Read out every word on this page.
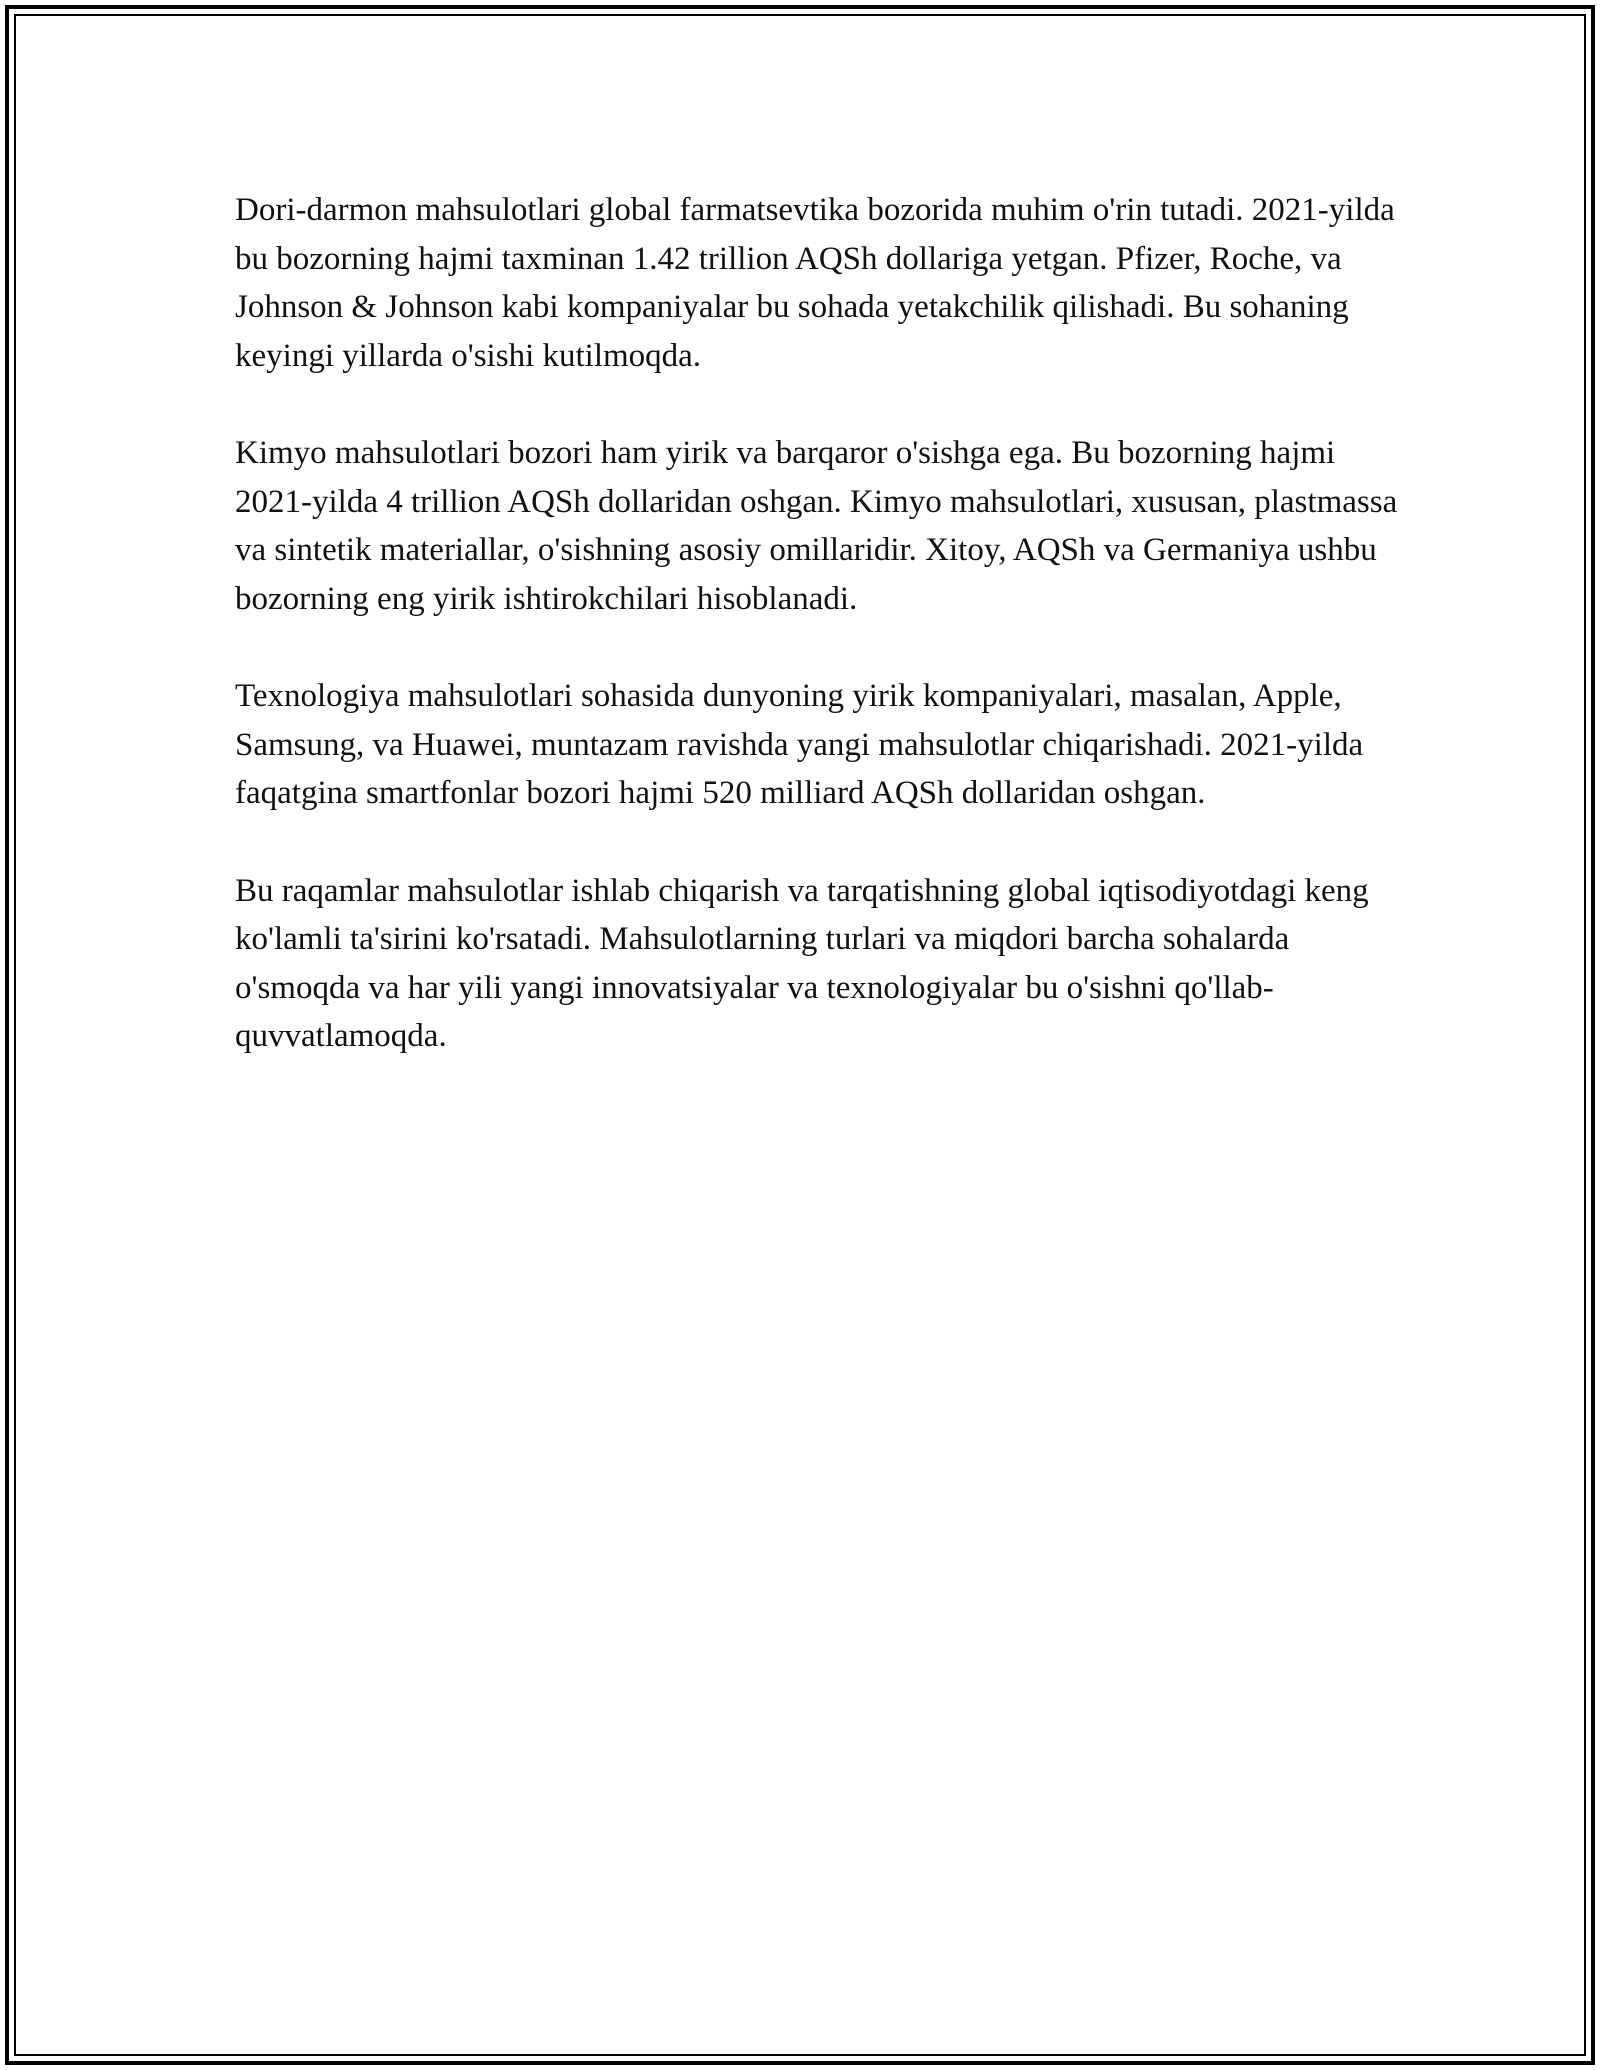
Dori-darmon mahsulotlari global farmatsevtika bozorida muhim o'rin tutadi. 2021-yilda bu bozorning hajmi taxminan 1.42 trillion AQSh dollariga yetgan. Pfizer, Roche, va Johnson & Johnson kabi kompaniyalar bu sohada yetakchilik qilishadi. Bu sohaning keyingi yillarda o'sishi kutilmoqda.

Kimyo mahsulotlari bozori ham yirik va barqaror o'sishga ega. Bu bozorning hajmi 2021-yilda 4 trillion AQSh dollaridan oshgan. Kimyo mahsulotlari, xususan, plastmassa va sintetik materiallar, o'sishning asosiy omillaridir. Xitoy, AQSh va Germaniya ushbu bozorning eng yirik ishtirokchilari hisoblanadi.

Texnologiya mahsulotlari sohasida dunyoning yirik kompaniyalari, masalan, Apple, Samsung, va Huawei, muntazam ravishda yangi mahsulotlar chiqarishadi. 2021-yilda faqatgina smartfonlar bozori hajmi 520 milliard AQSh dollaridan oshgan.

Bu raqamlar mahsulotlar ishlab chiqarish va tarqatishning global iqtisodiyotdagi keng ko'lamli ta'sirini ko'rsatadi. Mahsulotlarning turlari va miqdori barcha sohalarda o'smoqda va har yili yangi innovatsiyalar va texnologiyalar bu o'sishni qo'llab-quvvatlamoqda.
